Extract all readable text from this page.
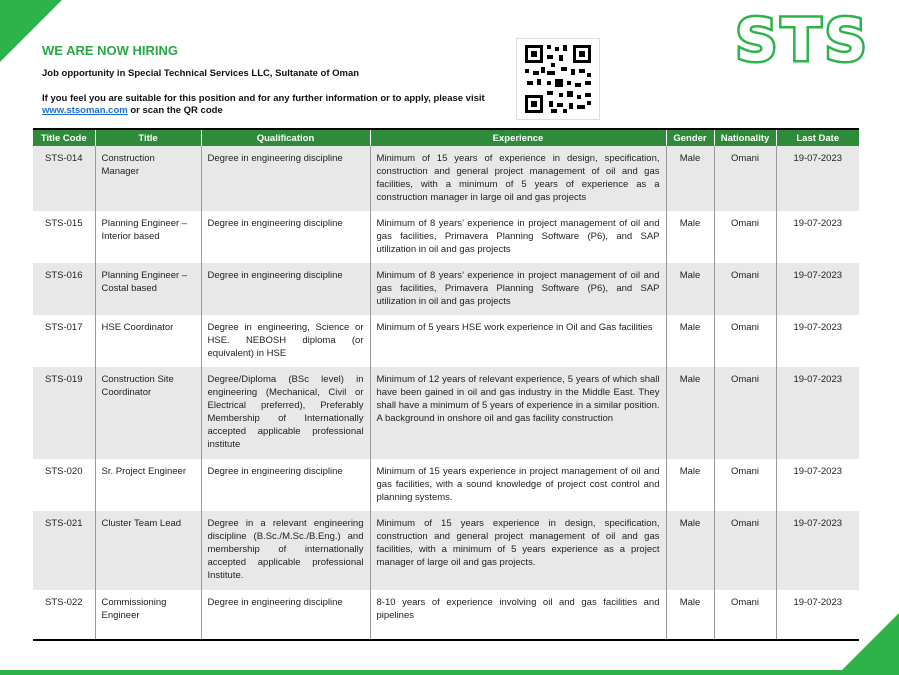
WE ARE NOW HIRING
Job opportunity in Special Technical Services LLC, Sultanate of Oman
If you feel you are suitable for this position and for any further information or to apply, please visit www.stsoman.com or scan the QR code
STS
Title Code	Title	Qualification	Experience	Gender	Nationality	Last Date
STS-014	Construction Manager	Degree in engineering discipline	Minimum of 15 years of experience in design, specification, construction and general project management of oil and gas facilities, with a minimum of 5 years of experience as a construction manager in large oil and gas projects	Male	Omani	19-07-2023
STS-015	Planning Engineer – Interior based	Degree in engineering discipline	Minimum of 8 years’ experience in project management of oil and gas facilities, Primavera Planning Software (P6), and SAP utilization in oil and gas projects	Male	Omani	19-07-2023
STS-016	Planning Engineer – Costal based	Degree in engineering discipline	Minimum of 8 years’ experience in project management of oil and gas facilities, Primavera Planning Software (P6), and SAP utilization in oil and gas projects	Male	Omani	19-07-2023
STS-017	HSE Coordinator	Degree in engineering, Science or HSE. NEBOSH diploma (or equivalent) in HSE	Minimum of 5 years HSE work experience in Oil and Gas facilities	Male	Omani	19-07-2023
STS-019	Construction Site Coordinator	Degree/Diploma (BSc level) in engineering (Mechanical, Civil or Electrical preferred), Preferably Membership of Internationally accepted applicable professional institute	Minimum of 12 years of relevant experience, 5 years of which shall have been gained in oil and gas industry in the Middle East. They shall have a minimum of 5 years of experience in a similar position. A background in onshore oil and gas facility construction	Male	Omani	19-07-2023
STS-020	Sr. Project Engineer	Degree in engineering discipline	Minimum of 15 years experience in project management of oil and gas facilities, with a sound knowledge of project cost control and planning systems.	Male	Omani	19-07-2023
STS-021	Cluster Team Lead	Degree in a relevant engineering discipline (B.Sc./M.Sc./B.Eng.) and membership of internationally accepted applicable professional Institute.	Minimum of 15 years experience in design, specification, construction and general project management of oil and gas facilities, with a minimum of 5 years experience as a project manager of large oil and gas projects.	Male	Omani	19-07-2023
STS-022	Commissioning Engineer	Degree in engineering discipline	8-10 years of experience involving oil and gas facilities and pipelines	Male	Omani	19-07-2023
